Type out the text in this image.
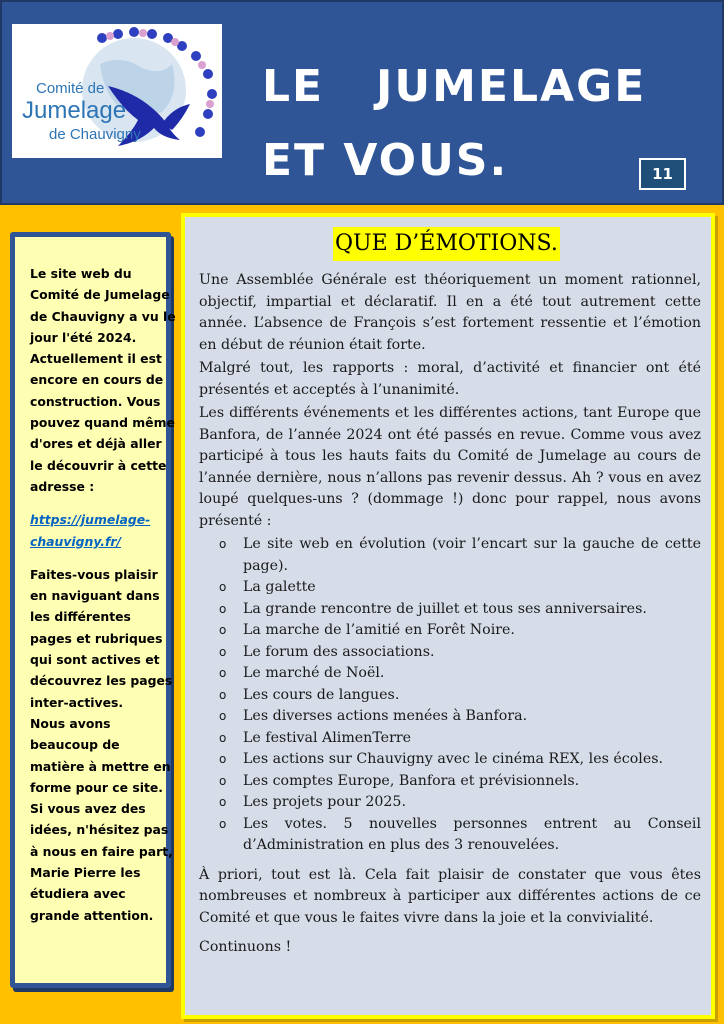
Comité de
Jumelage
de Chauvigny
LE   JUMELAGE
ET VOUS.	11

Le site web du Comité de Jumelage de Chauvigny a vu le jour l'été 2024. Actuellement il est encore en cours de construction. Vous pouvez quand même d'ores et déjà aller le découvrir à cette adresse :

https://jumelage-chauvigny.fr/

Faites-vous plaisir en naviguant dans les différentes pages et rubriques qui sont actives et découvrez les pages inter-actives.

Nous avons beaucoup de matière à mettre en forme pour ce site. Si vous avez des idées, n'hésitez pas à nous en faire part, Marie Pierre les étudiera avec grande attention.

QUE D’ÉMOTIONS.

Une Assemblée Générale est théoriquement un moment rationnel, objectif, impartial et déclaratif. Il en a été tout autrement cette année. L’absence de François s’est fortement ressentie et l’émotion en début de réunion était forte.

Malgré tout, les rapports : moral, d’activité et financier ont été présentés et acceptés à l’unanimité.

Les différents événements et les différentes actions, tant Europe que Banfora, de l’année 2024 ont été passés en revue. Comme vous avez participé à tous les hauts faits du Comité de Jumelage au cours de l’année dernière, nous n’allons pas revenir dessus. Ah ? vous en avez loupé quelques-uns ? (dommage !) donc pour rappel, nous avons présenté :

o Le site web en évolution (voir l’encart sur la gauche de cette page).
o La galette
o La grande rencontre de juillet et tous ses anniversaires.
o La marche de l’amitié en Forêt Noire.
o Le forum des associations.
o Le marché de Noël.
o Les cours de langues.
o Les diverses actions menées à Banfora.
o Le festival AlimenTerre
o Les actions sur Chauvigny avec le cinéma REX, les écoles.
o Les comptes Europe, Banfora et prévisionnels.
o Les projets pour 2025.
o Les votes. 5 nouvelles personnes entrent au Conseil d’Administration en plus des 3 renouvelées.

À priori, tout est là. Cela fait plaisir de constater que vous êtes nombreuses et nombreux à participer aux différentes actions de ce Comité et que vous le faites vivre dans la joie et la convivialité.

Continuons !
